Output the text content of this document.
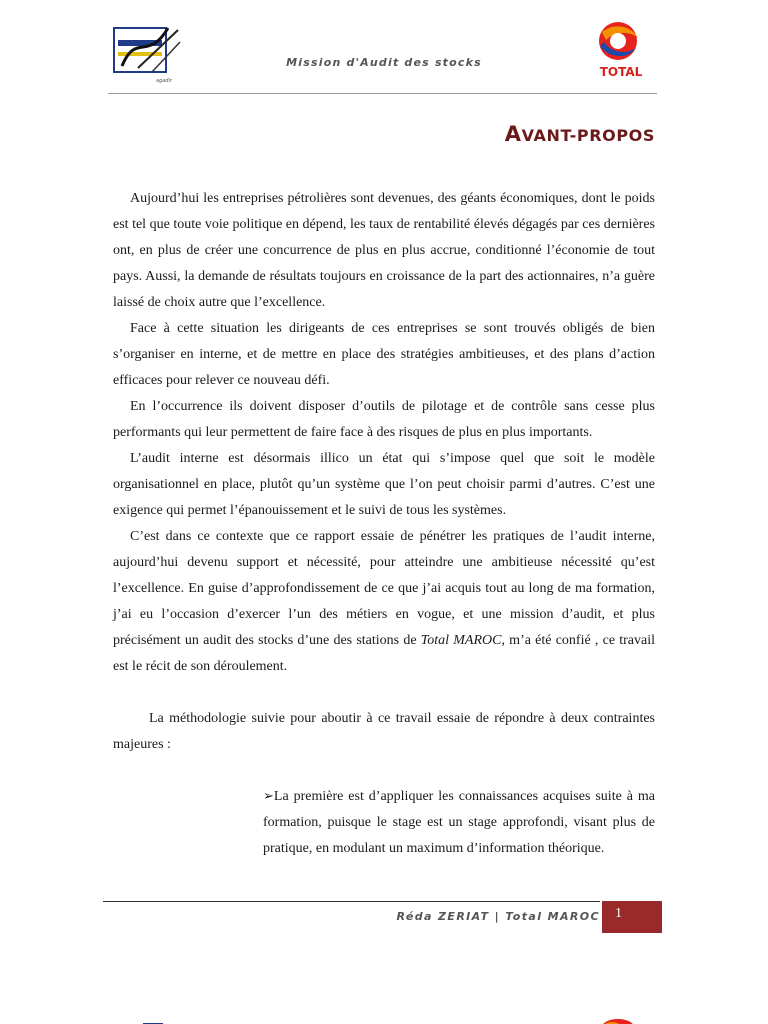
agadir
Mission d'Audit des stocks
TOTAL
AVANT-PROPOS

Aujourd’hui les entreprises pétrolières sont devenues, des géants économiques, dont le poids est tel que toute voie politique en dépend, les taux de rentabilité élevés dégagés par ces dernières ont, en plus de créer une concurrence de plus en plus accrue, conditionné l’économie de tout pays. Aussi, la demande de résultats toujours en croissance de la part des actionnaires, n’a guère laissé de choix autre que l’excellence.

Face à cette situation les dirigeants de ces entreprises se sont trouvés obligés de bien s’organiser en interne, et de mettre en place des stratégies ambitieuses, et des plans d’action efficaces pour relever ce nouveau défi.

En l’occurrence ils doivent disposer d’outils de pilotage et de contrôle sans cesse plus performants qui leur permettent de faire face à des risques de plus en plus importants.

L’audit interne est désormais illico un état qui s’impose quel que soit le modèle organisationnel en place, plutôt qu’un système que l’on peut choisir parmi d’autres. C’est une exigence qui permet l’épanouissement et le suivi de tous les systèmes.

C’est dans ce contexte que ce rapport essaie de pénétrer les pratiques de l’audit interne, aujourd’hui devenu support et nécessité, pour atteindre une ambitieuse nécessité qu’est l’excellence. En guise d’approfondissement de ce que j’ai acquis tout au long de ma formation, j’ai eu l’occasion d’exercer l’un des métiers en vogue, et une mission d’audit, et plus précisément un audit des stocks d’une des stations de Total MAROC, m’a été confié , ce travail est le récit de son déroulement.

La méthodologie suivie pour aboutir à ce travail essaie de répondre à deux contraintes majeures :

➢La première est d’appliquer les connaissances acquises suite à ma formation, puisque le stage est un stage approfondi, visant plus de pratique, en modulant un maximum d’information théorique.
Réda ZERIAT | Total MAROC 1
